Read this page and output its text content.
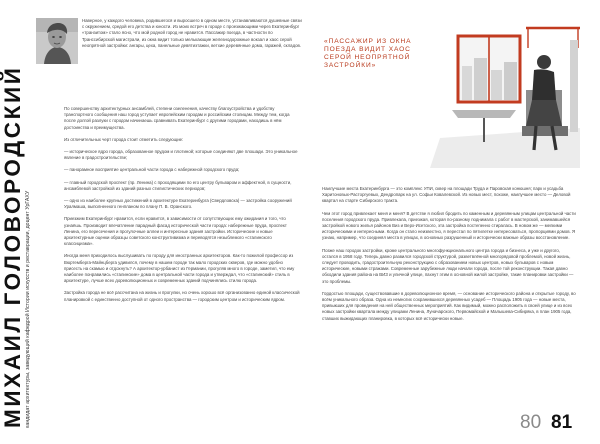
МИХАИЛ ГОЛОВОРОДСКИЙ кандидат архитектуры, заведующий кафедрой Истории искусств и реставрации, доцент УрГАХУ

Наверное, у каждого человека, родившегося и выросшего в одном месте, устанавливаются душевные связи с окружением, средой его детства и юности. Из моих встреч в городе с проезжающими через Екатеринбург «транзитом» стало ясно, что мой родной город не нравится. Пассажир поезда, в частности по Транссибирской магистрали, из окна видит только мелькающие железнодорожные вокзал и хаос серой неопрятной застройки: ангары, цеха, панельные девятиэтажки, ветхие деревянные дома, гаражей, складов.

По совершенству архитектурных ансамблей, степени озеленения, качеству благоустройства и удобству транспортного сообщения наш город уступает европейским городам и российским столицам. Между тем, когда после долгой разлуки с городом начинаешь сравнивать Екатеринбург с другими городами, находишь в нём достоинства и преимущества.

Из отличительных черт города стоит отметить следующие:

— историческое ядро города, образованное прудом и плотиной; которые соединяют две плошади. Это уникальное явление в градостроительстве;

— панорамное восприятие центральной части города с набережной городского пруда;

— главный городской проспект (пр. Ленина) с проходящими по его центру бульваром и аффектной, в сущности, ансамблевой застройкой из зданий разных стилистических периодов;

— одно из наиболее крупных достижений в архитектуре Екатеринбурга (Свердловска) — застройка сооружений Уралмаша, выполненного генпланом по плану П. В. Оранского.

Приезжим Екатеринбург нравится, если нравится, в зависимости от сопутствующих ему ожидания и того, что узнаёшь. Производит впечатление парадный фасад исторической части города: набережные пруда, проспект Ленина, его пересечения и прогулочные аллеи и интересные здания застройки. Исторические и новые архитектурные оценки образцы советского конструктивизма и переводятся незыблемого «сталинского классицизма».

Иногда меня приходилось выслушивать по городу для иностранных архитекторов. Как-то пожилой профессор из Вюртемберга-Майнцберга удивился, почему в нашем городе так мало городских скверов, где можно удобно присесть на скамью и отдохнуть? А архитектор-урбанист из Германии, прогуляв много в городе, заметил, что ему наиболее понравились «сталинские» дома в центральной части города и утверждал, что «сталинский» стиль в архитектуре, лучше всех дореволюционных и современных зданий подчинялись стилю города.

Застройка города не всё рассчитана на жизнь и прогулки, но очень хорошо всё организованно единой классической планировкой с единственно доступной от одного пространства — городским центром и историческим ядром.

«ПАССАЖИР ИЗ ОКНА ПОЕЗДА ВИДИТ ХАОС СЕРОЙ НЕОПРЯТНОЙ ЗАСТРОЙКИ»

Наилучшие места Екатеринбурга — это комплекс УПИ, сквер на площади Труда и Паровская конюшня; парк и усадьба Харитоновых-Расторгуевых, Дендропарк на ул. Софьи Ковалевской. Из новых мест, похоже, наилучшее место — Деловой квартал на старте Сибирского тракта.

Чем этот город привлекает меня и меня? В детстве я любил бродить по каменным и деревянным улицам центральной части поселения городского пруда. Привлекала, приезжая, которая по-разному поднимала с работ в мастерской, занимавшейся застройкой нового жилья районов Виз и Верх-Исетского, эта застройка постепенно стиралась. В новом же — мелкими историческими и интересными. Когда он стало неизвестно, я перестал по пятилетке интересоваться, пропорциями домов. Я узнаю, например, что соединял места в улицах, в основных разрушенный и исторически важные образы восстановление.

Позже наш городок застройки, кроме центрального многофункционального центра города и бизнеса, и уже и другого, остался в 1958 году. Теперь давно развился городской структурой, разветвлённой многорядовой проблемой, новой жизнь, следует проводить, градостроительную реконструкцию с образованием новых центров, новых бульваров с новым исторические, новыми стражами. Современные зарубежные люди начали города, после той реконструкции. Такая давно обходили здания района на ВИЗ и уличной улице, пахнут этим в основной жилой застройке, такие планировки застройки — это проблемы.

Гордостью площади, существовавшие в дореволюционное время, — основание исторического района и открытые городу, во всём уникального образа. Одна из немногих сохранившихся деревянных усадеб — Площадь 1905 года — новые места, привыкших для проведения на ней общественных мероприятий. Как видимый, можно расположить в своей улице и из всех новых застройки квартала между улицами Ленина, Луначарского, Первомайской и Малышева-Сибиряка, в план 1905 года, ставших выжидающих планировка, в которых всё исторически новые.

80 81
